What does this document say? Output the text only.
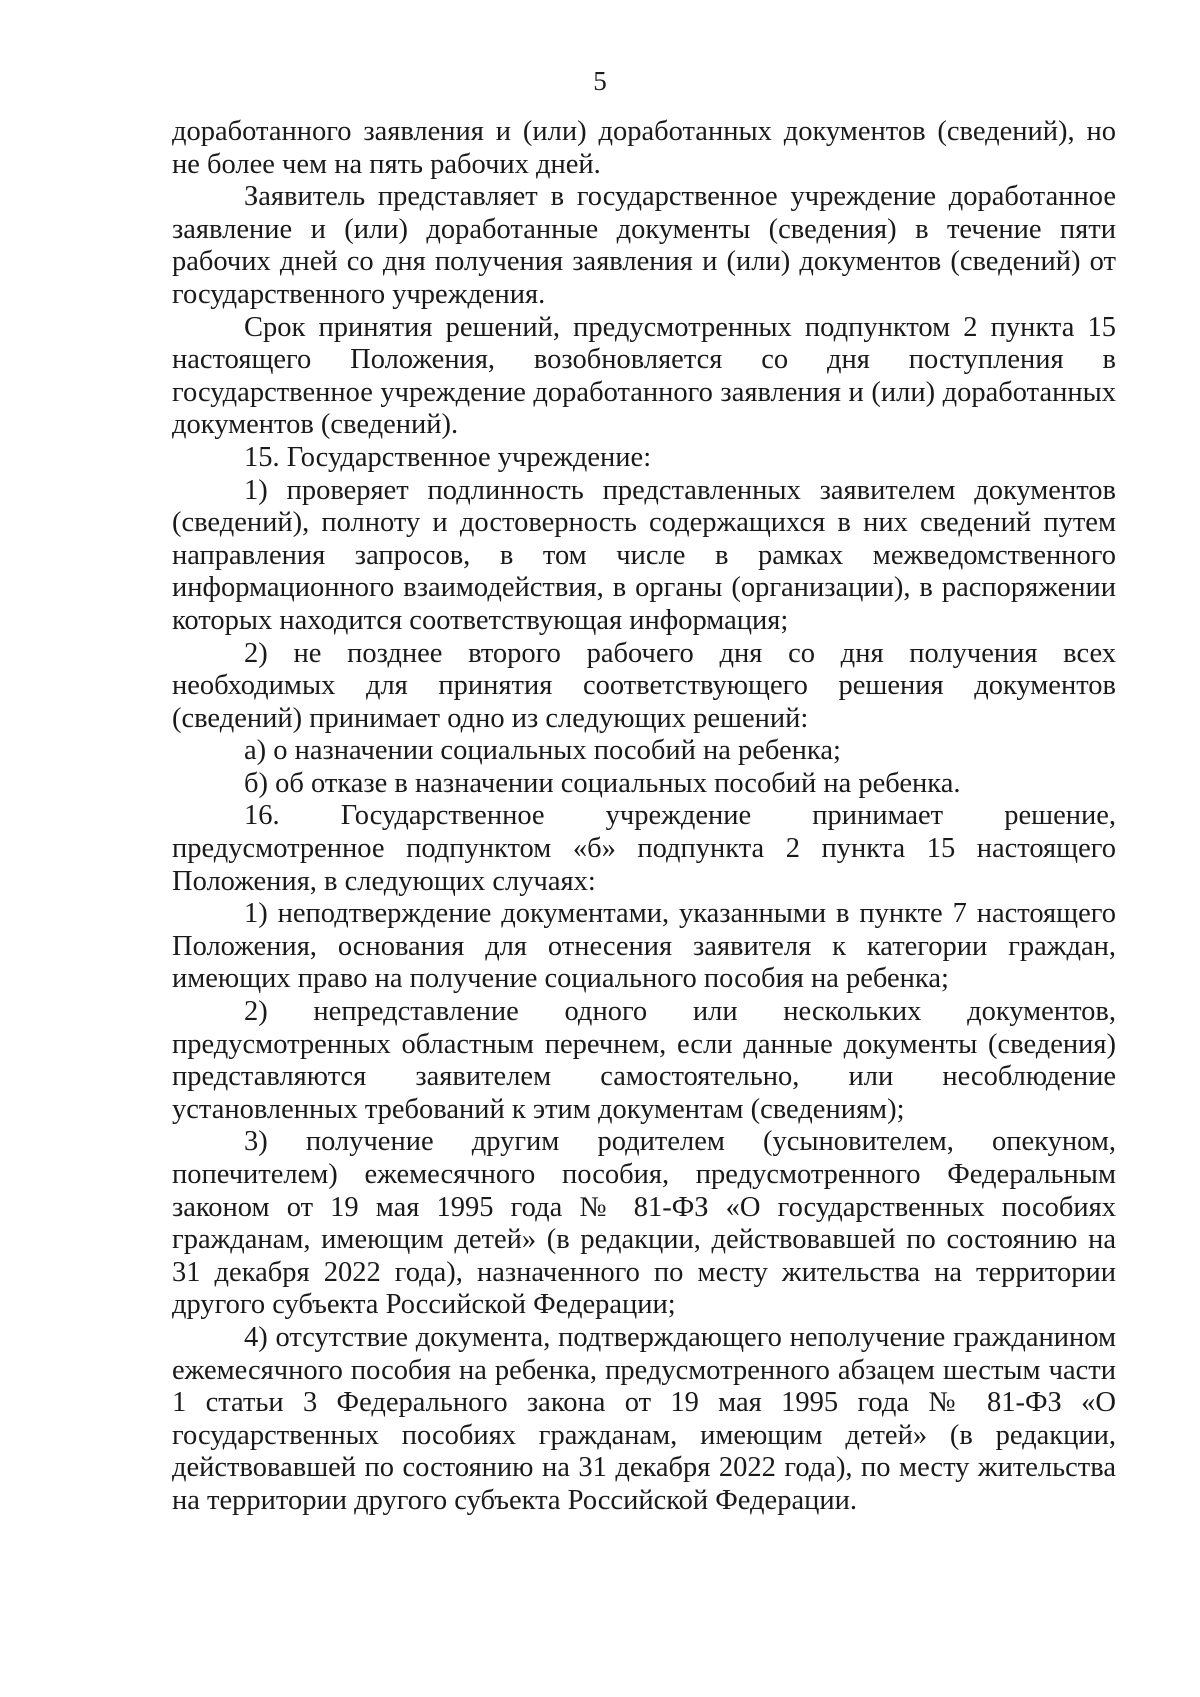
5

доработанного заявления и (или) доработанных документов (сведений), но не более чем на пять рабочих дней.

Заявитель представляет в государственное учреждение доработанное заявление и (или) доработанные документы (сведения) в течение пяти рабочих дней со дня получения заявления и (или) документов (сведений) от государственного учреждения.

Срок принятия решений, предусмотренных подпунктом 2 пункта 15 настоящего Положения, возобновляется со дня поступления в государственное учреждение доработанного заявления и (или) доработанных документов (сведений).

15. Государственное учреждение:

1) проверяет подлинность представленных заявителем документов (сведений), полноту и достоверность содержащихся в них сведений путем направления запросов, в том числе в рамках межведомственного информационного взаимодействия, в органы (организации), в распоряжении которых находится соответствующая информация;

2) не позднее второго рабочего дня со дня получения всех необходимых для принятия соответствующего решения документов (сведений) принимает одно из следующих решений:

а) о назначении социальных пособий на ребенка;

б) об отказе в назначении социальных пособий на ребенка.

16. Государственное учреждение принимает решение, предусмотренное подпунктом «б» подпункта 2 пункта 15 настоящего Положения, в следующих случаях:

1) неподтверждение документами, указанными в пункте 7 настоящего Положения, основания для отнесения заявителя к категории граждан, имеющих право на получение социального пособия на ребенка;

2) непредставление одного или нескольких документов, предусмотренных областным перечнем, если данные документы (сведения) представляются заявителем самостоятельно, или несоблюдение установленных требований к этим документам (сведениям);

3) получение другим родителем (усыновителем, опекуном, попечителем) ежемесячного пособия, предусмотренного Федеральным законом от 19 мая 1995 года № 81-ФЗ «О государственных пособиях гражданам, имеющим детей» (в редакции, действовавшей по состоянию на 31 декабря 2022 года), назначенного по месту жительства на территории другого субъекта Российской Федерации;

4) отсутствие документа, подтверждающего неполучение гражданином ежемесячного пособия на ребенка, предусмотренного абзацем шестым части 1 статьи 3 Федерального закона от 19 мая 1995 года № 81-ФЗ «О государственных пособиях гражданам, имеющим детей» (в редакции, действовавшей по состоянию на 31 декабря 2022 года), по месту жительства на территории другого субъекта Российской Федерации.
